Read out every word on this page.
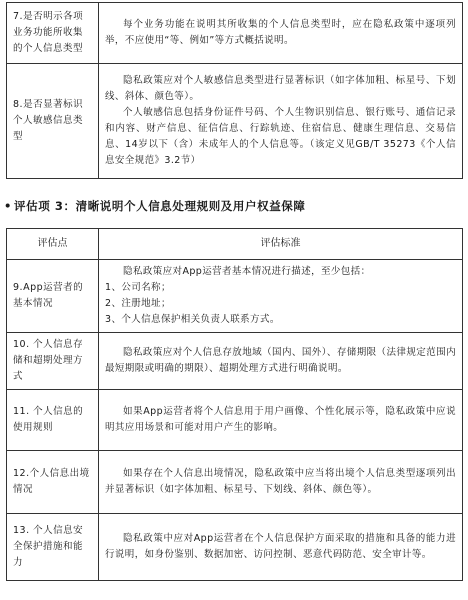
7.是否明示各项业务功能所收集的个人信息类型	每个业务功能在说明其所收集的个人信息类型时，应在隐私政策中逐项列举，不应使用“等、例如”等方式概括说明。

8.是否显著标识个人敏感信息类型	隐私政策应对个人敏感信息类型进行显著标识（如字体加粗、标星号、下划线、斜体、颜色等）。
个人敏感信息包括身份证件号码、个人生物识别信息、银行账号、通信记录和内容、财产信息、征信信息、行踪轨迹、住宿信息、健康生理信息、交易信息、14岁以下（含）未成年人的个人信息等。（该定义见GB/T 35273《个人信息安全规范》3.2节）
• 评估项 3：清晰说明个人信息处理规则及用户权益保障
评估点	评估标准
9.App运营者的基本情况	隐私政策应对App运营者基本情况进行描述，至少包括：
1、公司名称；
2、注册地址；
3、个人信息保护相关负责人联系方式。

10. 个人信息存储和超期处理方式	隐私政策应对个人信息存放地域（国内、国外）、存储期限（法律规定范围内最短期限或明确的期限）、超期处理方式进行明确说明。

11. 个人信息的使用规则	如果App运营者将个人信息用于用户画像、个性化展示等，隐私政策中应说明其应用场景和可能对用户产生的影响。

12.个人信息出境情况	如果存在个人信息出境情况，隐私政策中应当将出境个人信息类型逐项列出并显著标识（如字体加粗、标星号、下划线、斜体、颜色等）。

13. 个人信息安全保护措施和能力	隐私政策中应对App运营者在个人信息保护方面采取的措施和具备的能力进行说明，如身份鉴别、数据加密、访问控制、恶意代码防范、安全审计等。
